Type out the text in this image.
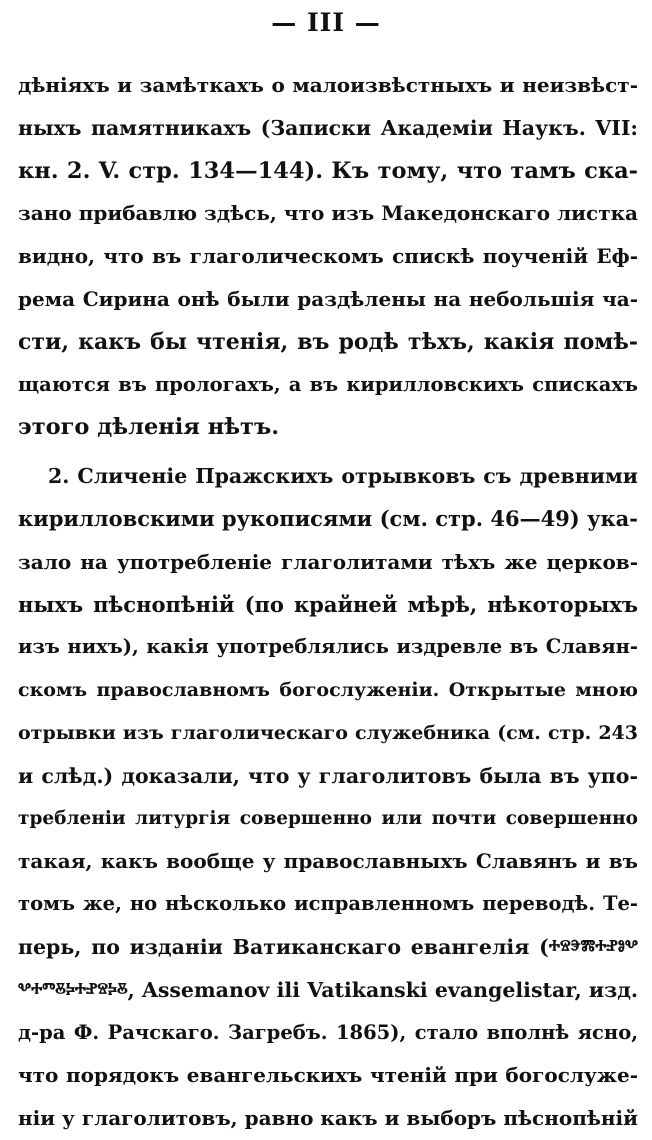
— III —
дѣніяхъ и замѣткахъ о малоизвѣстныхъ и неизвѣст-
ныхъ памятникахъ (Записки Академіи Наукъ. VII:
кн. 2. V. стр. 134—144). Къ тому, что тамъ ска-
зано прибавлю здѣсь, что изъ Македонскаго листка
видно, что въ глаголическомъ спискѣ поученій Еф-
рема Сирина онѣ были раздѣлены на небольшія ча-
сти, какъ бы чтенія, въ родѣ тѣхъ, какія помѣ-
щаются въ прологахъ, а въ кирилловскихъ спискахъ
этого дѣленія нѣтъ.
2. Сличеніе Пражскихъ отрывковъ съ древними
кирилловскими рукописями (см. стр. 46—49) ука-
зало на употребленіе глаголитами тѣхъ же церков-
ныхъ пѣснопѣній (по крайней мѣрѣ, нѣкоторыхъ
изъ нихъ), какія употреблялись издревле въ Славян-
скомъ православномъ богослуженіи. Открытые мною
отрывки изъ глаголическаго служебника (см. стр. 243
и слѣд.) доказали, что у глаголитовъ была въ упо-
требленіи литургія совершенно или почти совершенно
такая, какъ вообще у православныхъ Славянъ и въ
томъ же, но нѣсколько исправленномъ переводѣ. Те-
перь, по изданіи Ватиканскаго евангелія (ⰰⱄⰵⰿⰰⱀⱁⰲ
ⰲⰰⱅⰻⰽⰰⱀⱄⰽⰻ, Assemanov ili Vatikanski evangelistar, изд.
д-ра Ф. Рачскаго. Загребъ. 1865), стало вполнѣ ясно,
что порядокъ евангельскихъ чтеній при богослуже-
ніи у глаголитовъ, равно какъ и выборъ пѣснопѣній
